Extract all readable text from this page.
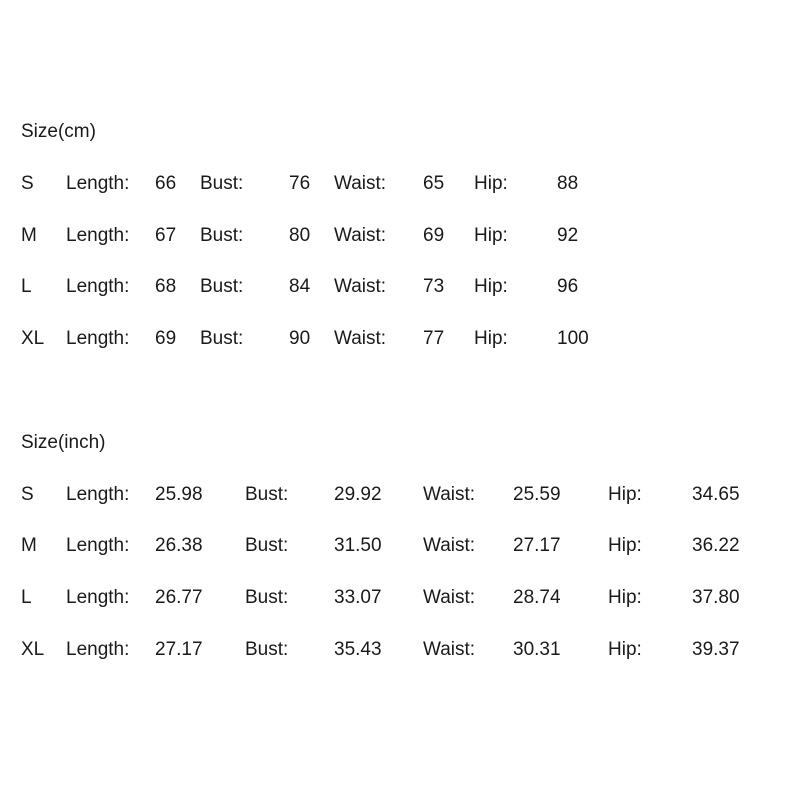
Size(cm)
S Length: 66 Bust: 76 Waist: 65 Hip:	88
M Length: 67 Bust: 80 Waist: 69 Hip:	92
L Length: 68 Bust: 84 Waist: 73 Hip:	96
XL Length: 69 Bust: 90 Waist: 77 Hip:	100
Size(inch)
S Length: 25.98 Bust: 29.92 Waist: 25.59 Hip:	34.65
M Length: 26.38 Bust: 31.50 Waist: 27.17 Hip:	36.22
L Length: 26.77 Bust: 33.07 Waist: 28.74 Hip:	37.80
XL Length: 27.17 Bust: 35.43 Waist: 30.31 Hip:	39.37
